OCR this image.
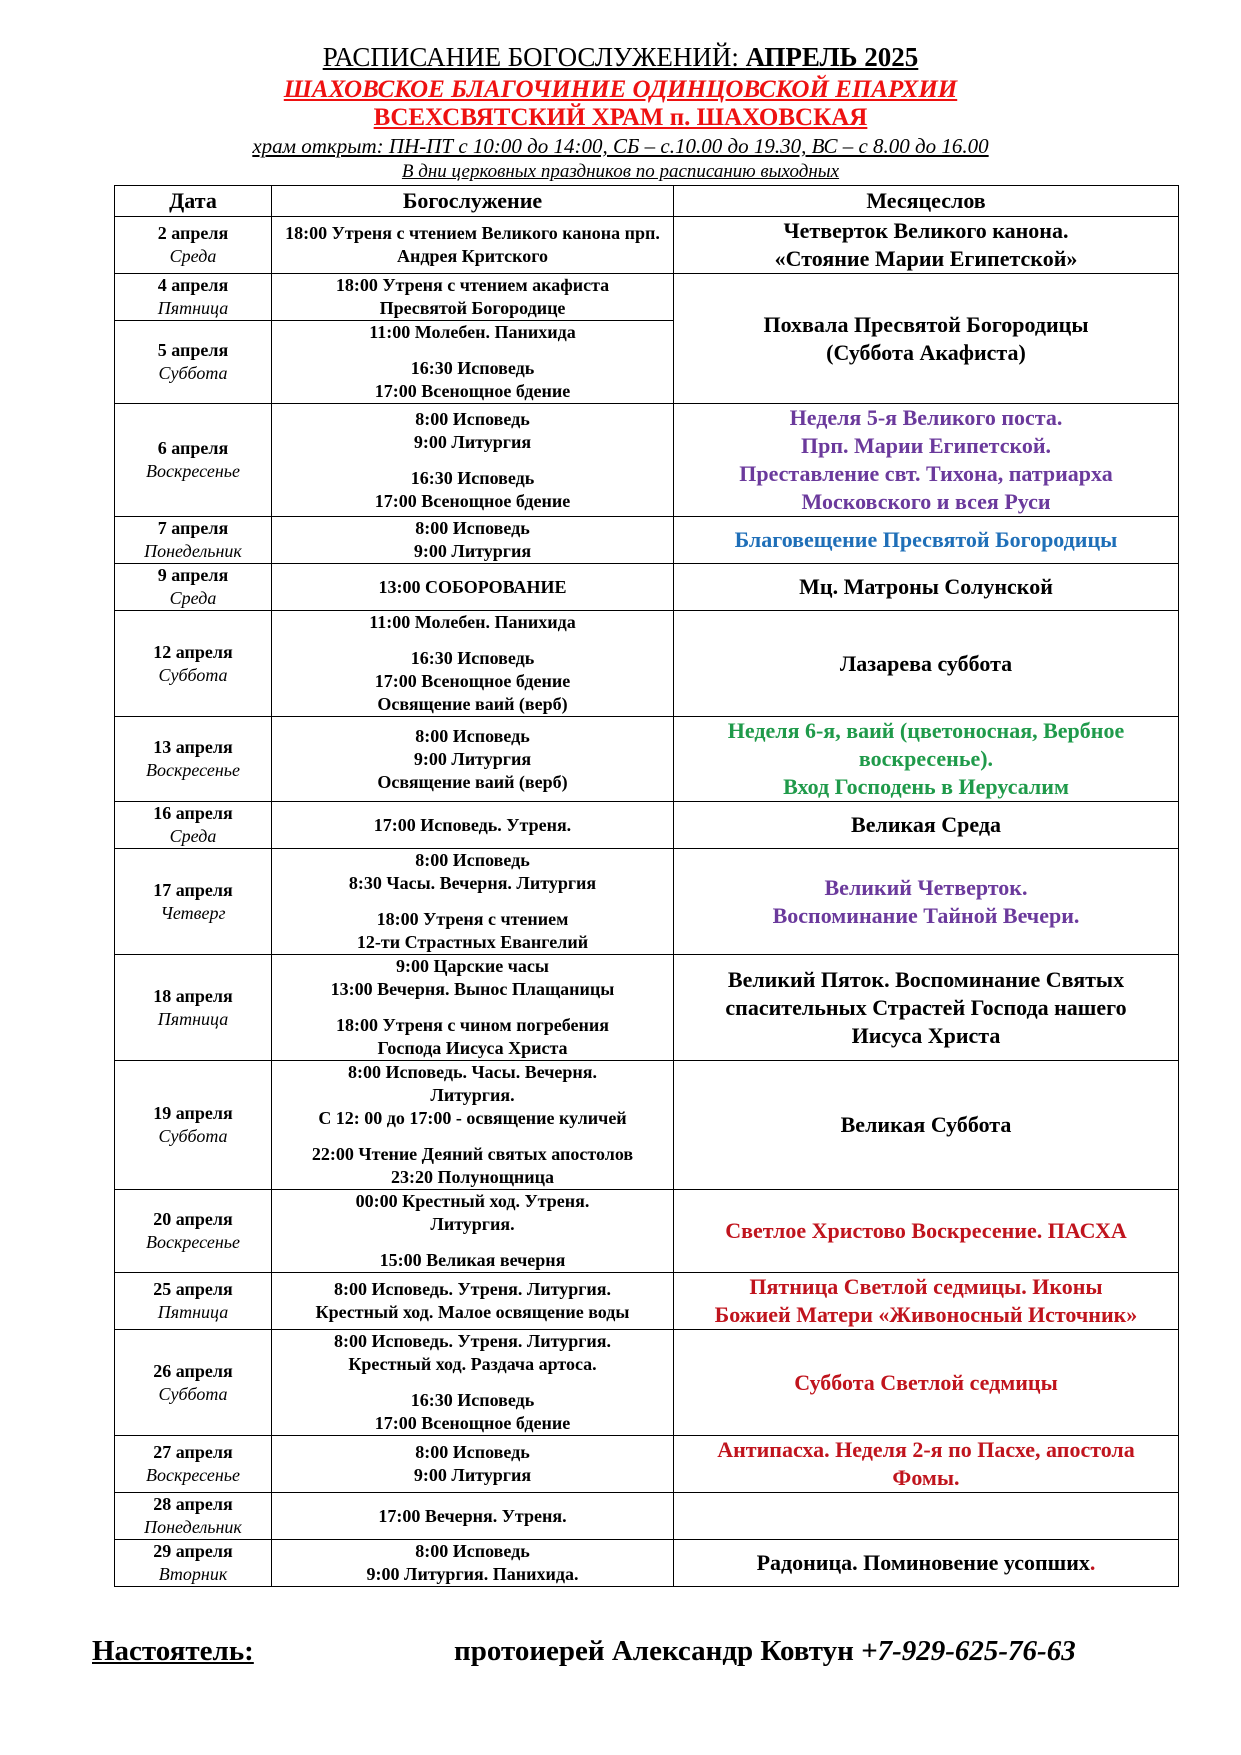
РАСПИСАНИЕ БОГОСЛУЖЕНИЙ: АПРЕЛЬ 2025
ШАХОВСКОЕ БЛАГОЧИНИЕ ОДИНЦОВСКОЙ ЕПАРХИИ
ВСЕХСВЯТСКИЙ ХРАМ п. ШАХОВСКАЯ
храм открыт: ПН-ПТ с 10:00 до 14:00, СБ – с.10.00 до 19.30, ВС – с 8.00 до 16.00
В дни церковных праздников по расписанию выходных
Дата	Богослужение	Месяцеслов

2 апреля
Среда	18:00 Утреня с чтением Великого канона прп. Андрея Критского	Четверток Великого канона.
«Стояние Марии Египетской»

4 апреля
Пятница	18:00 Утреня с чтением акафиста
Пресвятой Богородице	Похвала Пресвятой Богородицы
(Суббота Акафиста)

5 апреля
Суббота	11:00 Молебен. Панихида
16:30 Исповедь
17:00 Всенощное бдение	

6 апреля
Воскресенье	8:00 Исповедь
9:00 Литургия
16:30 Исповедь
17:00 Всенощное бдение	Неделя 5-я Великого поста.
Прп. Марии Египетской.
Преставление свт. Тихона, патриарха
Московского и всея Руси

7 апреля
Понедельник	8:00 Исповедь
9:00 Литургия	Благовещение Пресвятой Богородицы

9 апреля
Среда	13:00 СОБОРОВАНИЕ	Мц. Матроны Солунской

12 апреля
Суббота	11:00 Молебен. Панихида
16:30 Исповедь
17:00 Всенощное бдение
Освящение ваий (верб)	Лазарева суббота

13 апреля
Воскресенье	8:00 Исповедь
9:00 Литургия
Освящение ваий (верб)	Неделя 6-я, ваий (цветоносная, Вербное
воскресенье).
Вход Господень в Иерусалим

16 апреля
Среда	17:00 Исповедь. Утреня.	Великая Среда

17 апреля
Четверг	8:00 Исповедь
8:30 Часы. Вечерня. Литургия
18:00 Утреня с чтением
12-ти Страстных Евангелий	Великий Четверток.
Воспоминание Тайной Вечери.

18 апреля
Пятница	9:00 Царские часы
13:00 Вечерня. Вынос Плащаницы
18:00 Утреня с чином погребения
Господа Иисуса Христа	Великий Пяток. Воспоминание Святых
спасительных Страстей Господа нашего
Иисуса Христа

19 апреля
Суббота	8:00 Исповедь. Часы. Вечерня.
Литургия.
С 12: 00 до 17:00 - освящение куличей
22:00 Чтение Деяний святых апостолов
23:20 Полунощница	Великая Суббота

20 апреля
Воскресенье	00:00 Крестный ход. Утреня.
Литургия.
15:00 Великая вечерня	Светлое Христово Воскресение. ПАСХА

25 апреля
Пятница	8:00 Исповедь. Утреня. Литургия.
Крестный ход. Малое освящение воды	Пятница Светлой седмицы. Иконы
Божией Матери «Живоносный Источник»

26 апреля
Суббота	8:00 Исповедь. Утреня. Литургия.
Крестный ход. Раздача артоса.
16:30 Исповедь
17:00 Всенощное бдение	Суббота Светлой седмицы

27 апреля
Воскресенье	8:00 Исповедь
9:00 Литургия	Антипасха. Неделя 2-я по Пасхе, апостола
Фомы.

28 апреля
Понедельник	17:00 Вечерня. Утреня.	

29 апреля
Вторник	8:00 Исповедь
9:00 Литургия. Панихида.	Радоница. Поминовение усопших.
Настоятель:	протоиерей Александр Ковтун +7-929-625-76-63
